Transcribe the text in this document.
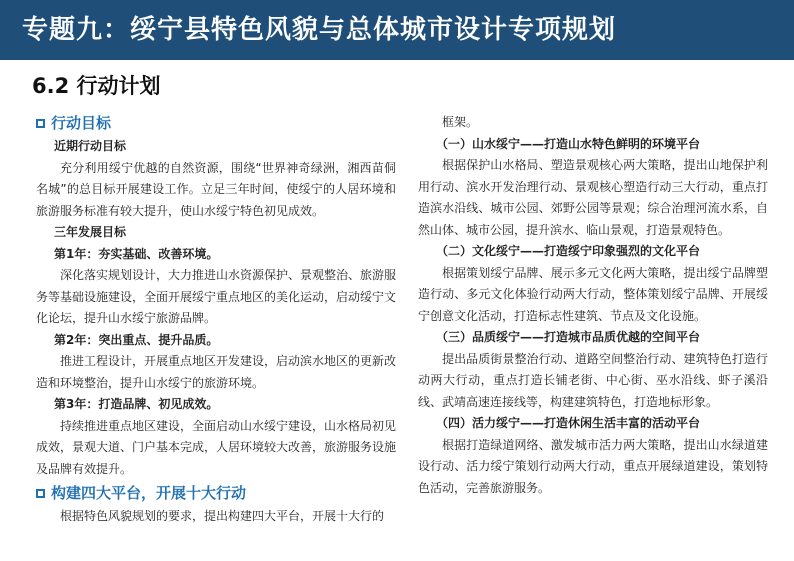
专题九：绥宁县特色风貌与总体城市设计专项规划
6.2 行动计划
行动目标
近期行动目标
充分利用绥宁优越的自然资源，围绕“世界神奇绿洲，湘西苗侗名城”的总目标开展建设工作。立足三年时间，使绥宁的人居环境和旅游服务标准有较大提升，使山水绥宁特色初见成效。
三年发展目标
第1年：夯实基础、改善环境。
深化落实规划设计，大力推进山水资源保护、景观整治、旅游服务等基础设施建设，全面开展绥宁重点地区的美化运动，启动绥宁文化论坛，提升山水绥宁旅游品牌。
第2年：突出重点、提升品质。
推进工程设计，开展重点地区开发建设，启动滨水地区的更新改造和环境整治，提升山水绥宁的旅游环境。
第3年：打造品牌、初见成效。
持续推进重点地区建设，全面启动山水绥宁建设，山水格局初见成效，景观大道、门户基本完成，人居环境较大改善，旅游服务设施及品牌有效提升。
构建四大平台，开展十大行动
根据特色风貌规划的要求，提出构建四大平台，开展十大行的
框架。
（一）山水绥宁——打造山水特色鲜明的环境平台
根据保护山水格局、塑造景观核心两大策略，提出山地保护利用行动、滨水开发治理行动、景观核心塑造行动三大行动，重点打造滨水沿线、城市公园、郊野公园等景观；综合治理河流水系，自然山体、城市公园，提升滨水、临山景观，打造景观特色。
（二）文化绥宁——打造绥宁印象强烈的文化平台
根据策划绥宁品牌、展示多元文化两大策略，提出绥宁品牌塑造行动、多元文化体验行动两大行动，整体策划绥宁品牌、开展绥宁创意文化活动，打造标志性建筑、节点及文化设施。
（三）品质绥宁——打造城市品质优越的空间平台
提出品质街景整治行动、道路空间整治行动、建筑特色打造行动两大行动，重点打造长铺老街、中心街、巫水沿线、虾子溪沿线、武靖高速连接线等，构建建筑特色，打造地标形象。
（四）活力绥宁——打造休闲生活丰富的活动平台
根据打造绿道网络、激发城市活力两大策略，提出山水绿道建设行动、活力绥宁策划行动两大行动，重点开展绿道建设，策划特色活动，完善旅游服务。
